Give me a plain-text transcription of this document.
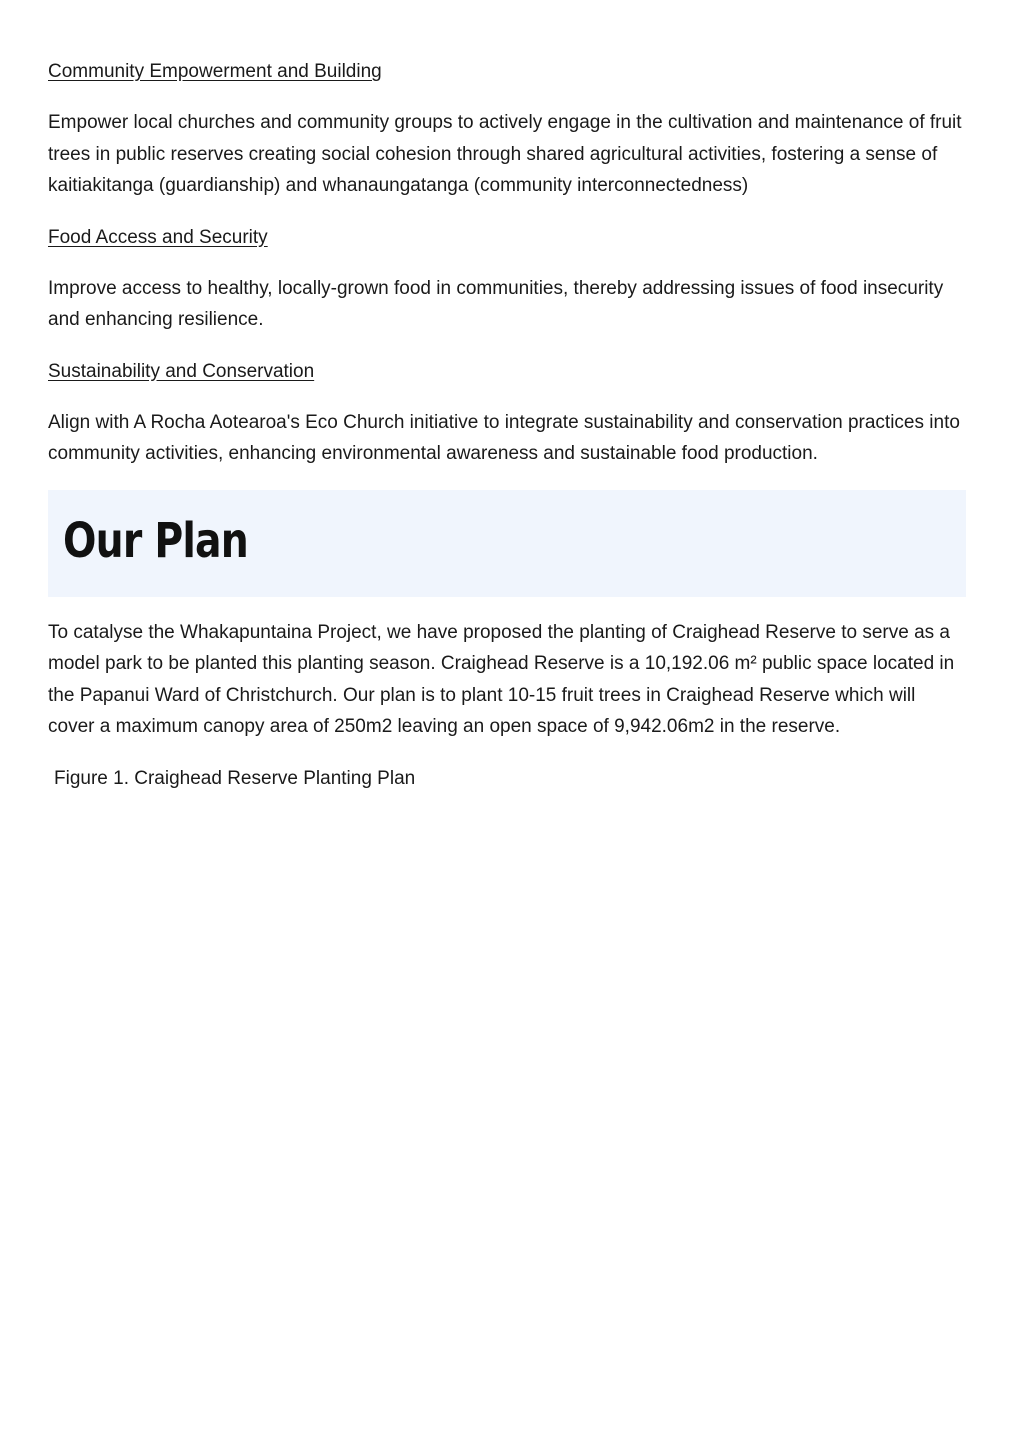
Community Empowerment and Building
Empower local churches and community groups to actively engage in the cultivation and maintenance of fruit trees in public reserves creating social cohesion through shared agricultural activities, fostering a sense of kaitiakitanga (guardianship) and whanaungatanga (community interconnectedness)
Food Access and Security
Improve access to healthy, locally-grown food in communities, thereby addressing issues of food insecurity and enhancing resilience.
Sustainability and Conservation
Align with A Rocha Aotearoa's Eco Church initiative to integrate sustainability and conservation practices into community activities, enhancing environmental awareness and sustainable food production.
Our Plan
To catalyse the Whakapuntaina Project, we have proposed the planting of Craighead Reserve to serve as a model park to be planted this planting season. Craighead Reserve is a 10,192.06 m² public space located in the Papanui Ward of Christchurch. Our plan is to plant 10-15 fruit trees in Craighead Reserve which will cover a maximum canopy area of 250m2 leaving an open space of 9,942.06m2 in the reserve.
Figure 1. Craighead Reserve Planting Plan
